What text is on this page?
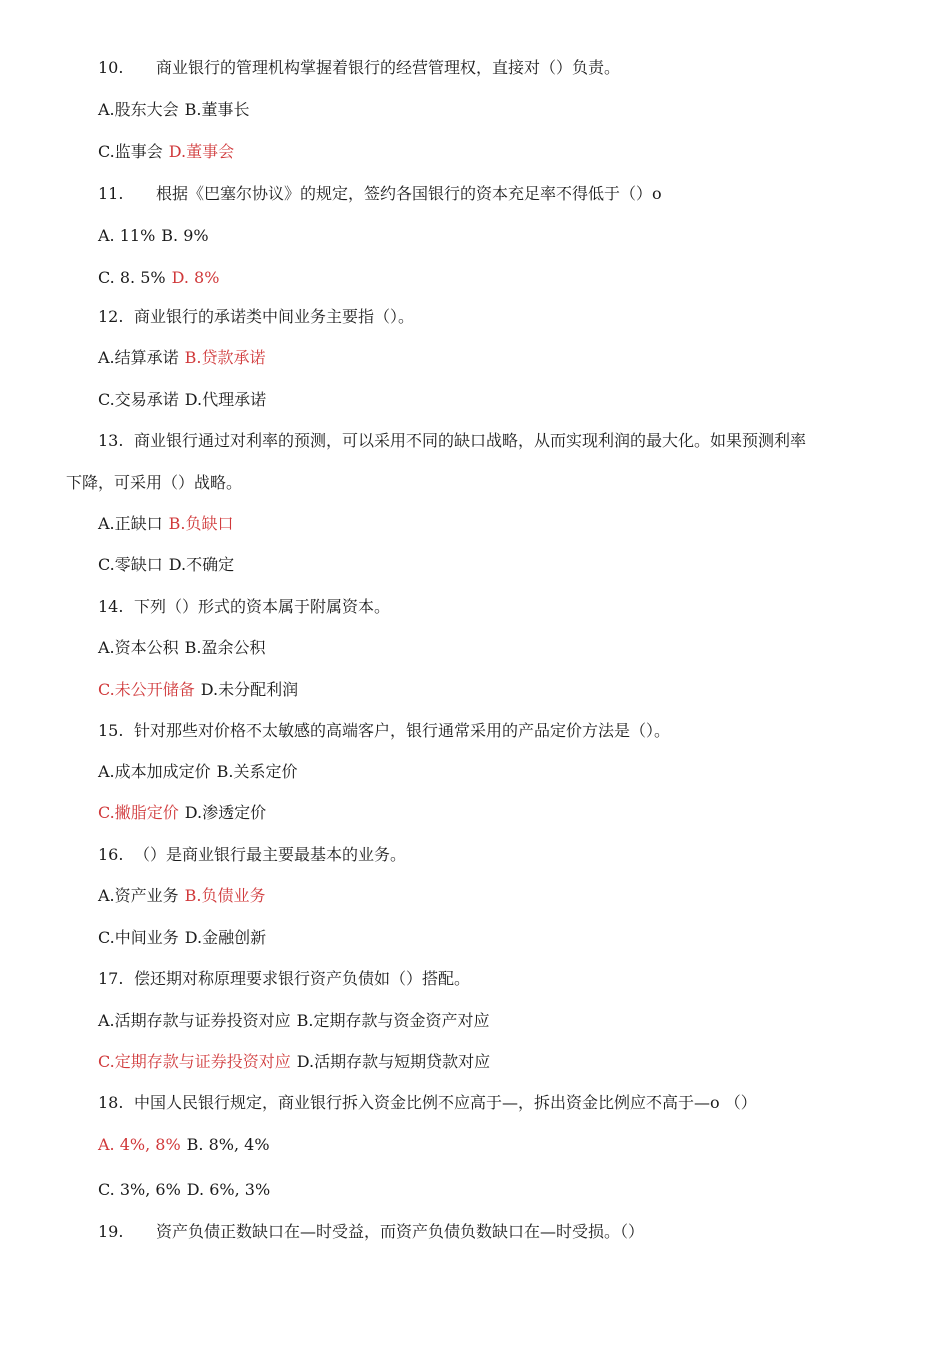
10. 商业银行的管理机构掌握着银行的经营管理权，直接对（）负责。
A.股东大会 B.董事长
C.监事会 D.董事会
11. 根据《巴塞尔协议》的规定，签约各国银行的资本充足率不得低于（）o
A. 11% B. 9%
C. 8. 5% D. 8%
12. 商业银行的承诺类中间业务主要指（）。
A.结算承诺 B.贷款承诺
C.交易承诺 D.代理承诺
13. 商业银行通过对利率的预测，可以采用不同的缺口战略，从而实现利润的最大化。如果预测利率
下降，可采用（）战略。
A.正缺口 B.负缺口
C.零缺口 D.不确定
14. 下列（）形式的资本属于附属资本。
A.资本公积 B.盈余公积
C.未公开储备 D.未分配利润
15. 针对那些对价格不太敏感的高端客户，银行通常采用的产品定价方法是（）。
A.成本加成定价 B.关系定价
C.撇脂定价 D.渗透定价
16. （）是商业银行最主要最基本的业务。
A.资产业务 B.负债业务
C.中间业务 D.金融创新
17. 偿还期对称原理要求银行资产负债如（）搭配。
A.活期存款与证券投资对应 B.定期存款与资金资产对应
C.定期存款与证券投资对应 D.活期存款与短期贷款对应
18. 中国人民银行规定，商业银行拆入资金比例不应高于—，拆出资金比例应不高于—o （）
A. 4%, 8% B. 8%, 4%
C. 3%, 6% D. 6%, 3%
19. 资产负债正数缺口在—时受益，而资产负债负数缺口在—时受损。（）
